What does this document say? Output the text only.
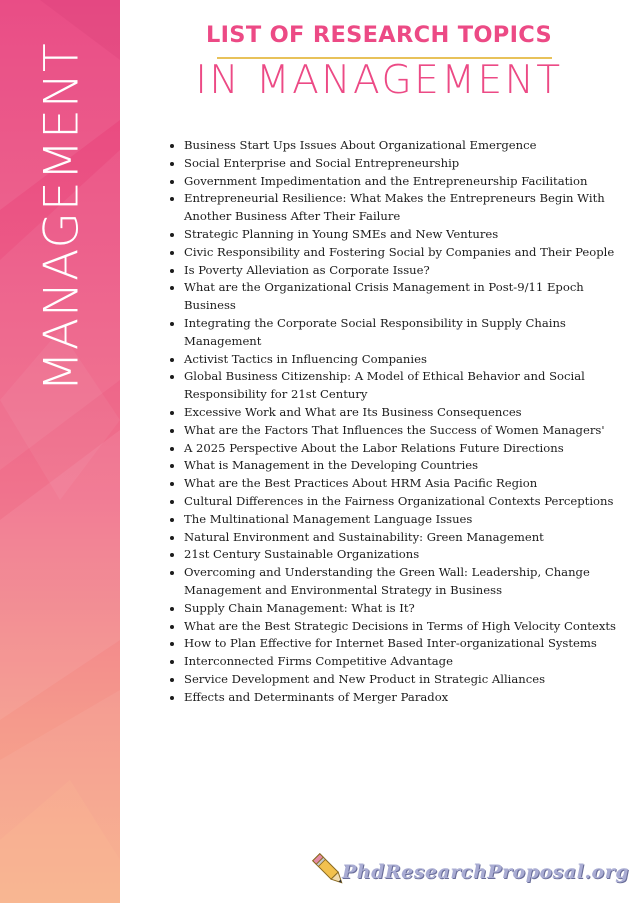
MANAGEMENT
LIST OF RESEARCH TOPICS
IN MANAGEMENT
• Business Start Ups Issues About Organizational Emergence
• Social Enterprise and Social Entrepreneurship
• Government Impedimentation and the Entrepreneurship Facilitation
• Entrepreneurial Resilience: What Makes the Entrepreneurs Begin With Another Business After Their Failure
• Strategic Planning in Young SMEs and New Ventures
• Civic Responsibility and Fostering Social by Companies and Their People
• Is Poverty Alleviation as Corporate Issue?
• What are the Organizational Crisis Management in Post-9/11 Epoch Business
• Integrating the Corporate Social Responsibility in Supply Chains Management
• Activist Tactics in Influencing Companies
• Global Business Citizenship: A Model of Ethical Behavior and Social Responsibility for 21st Century
• Excessive Work and What are Its Business Consequences
• What are the Factors That Influences the Success of Women Managers'
• A 2025 Perspective About the Labor Relations Future Directions
• What is Management in the Developing Countries
• What are the Best Practices About HRM Asia Pacific Region
• Cultural Differences in the Fairness Organizational Contexts Perceptions
• The Multinational Management Language Issues
• Natural Environment and Sustainability: Green Management
• 21st Century Sustainable Organizations
• Overcoming and Understanding the Green Wall: Leadership, Change Management and Environmental Strategy in Business
• Supply Chain Management: What is It?
• What are the Best Strategic Decisions in Terms of High Velocity Contexts
• How to Plan Effective for Internet Based Inter-organizational Systems
• Interconnected Firms Competitive Advantage
• Service Development and New Product in Strategic Alliances
• Effects and Determinants of Merger Paradox
PhdResearchProposal.org
